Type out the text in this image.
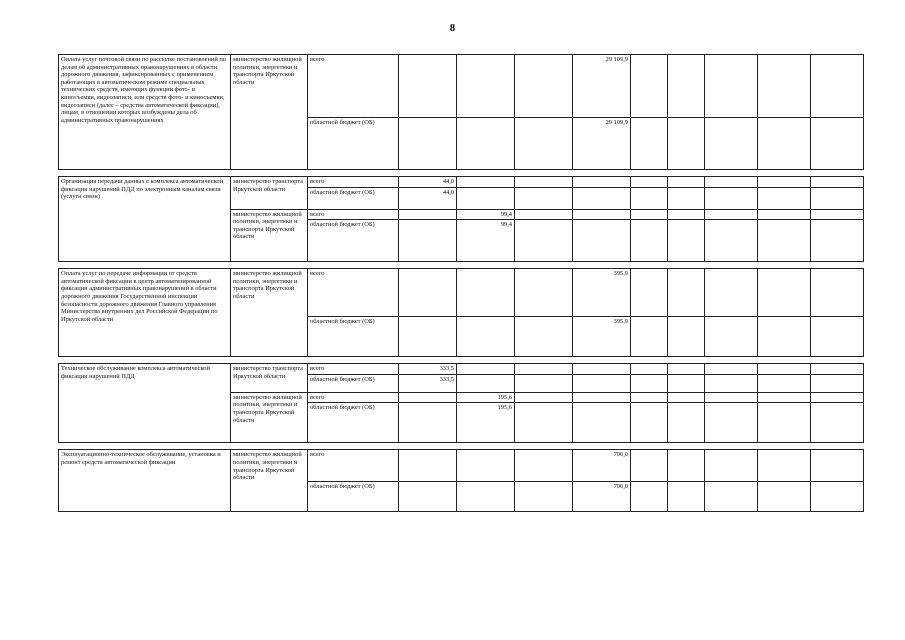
8
Оплата услуг почтовой связи по рассылке постановлений по делам об административных правонарушениях в области дорожного движения, зафиксированных с применением работающих в автоматическом режиме специальных технических средств, имеющих функции фото- и киносъемки, видеозаписи, или средств фото- и киносъемки, видеозаписи (далее – средства автоматической фиксации), лицам, в отношении которых возбуждены дела об административных правонарушениях	министерство жилищной политики, энергетики и транспорта Иркутской области	всего				29 109,9					
		областной бюджет (ОБ)				29 109,9					

Организация передачи данных с комплекса автоматической фиксации нарушений ПДД по электронным каналам связи (услуги связи)	министерство транспорта Иркутской области	всего	44,0								
		областной бюджет (ОБ)	44,0								
	министерство жилищной политики, энергетики и транспорта Иркутской области	всего		99,4							
		областной бюджет (ОБ)		99,4							

Оплата услуг по передаче информации от средств автоматической фиксации в центр автоматизированной фиксации административных правонарушений в области дорожного движения Государственной инспекции безопасности дорожного движения Главного управления Министерства внутренних дел Российской Федерации по Иркутской области	министерство жилищной политики, энергетики и транспорта Иркутской области	всего				395,9					
		областной бюджет (ОБ)				395,9					

Техническое обслуживание комплекса автоматической фиксации нарушений ПДД	министерство транспорта Иркутской области	всего	333,5								
		областной бюджет (ОБ)	333,5								
	министерство жилищной политики, энергетики и транспорта Иркутской области	всего		195,6							
		областной бюджет (ОБ)		195,6							

Эксплуатационно-техническое обслуживание, установка и ремонт средств автоматической фиксации	министерство жилищной политики, энергетики и транспорта Иркутской области	всего				700,0					
		областной бюджет (ОБ)				700,0					
